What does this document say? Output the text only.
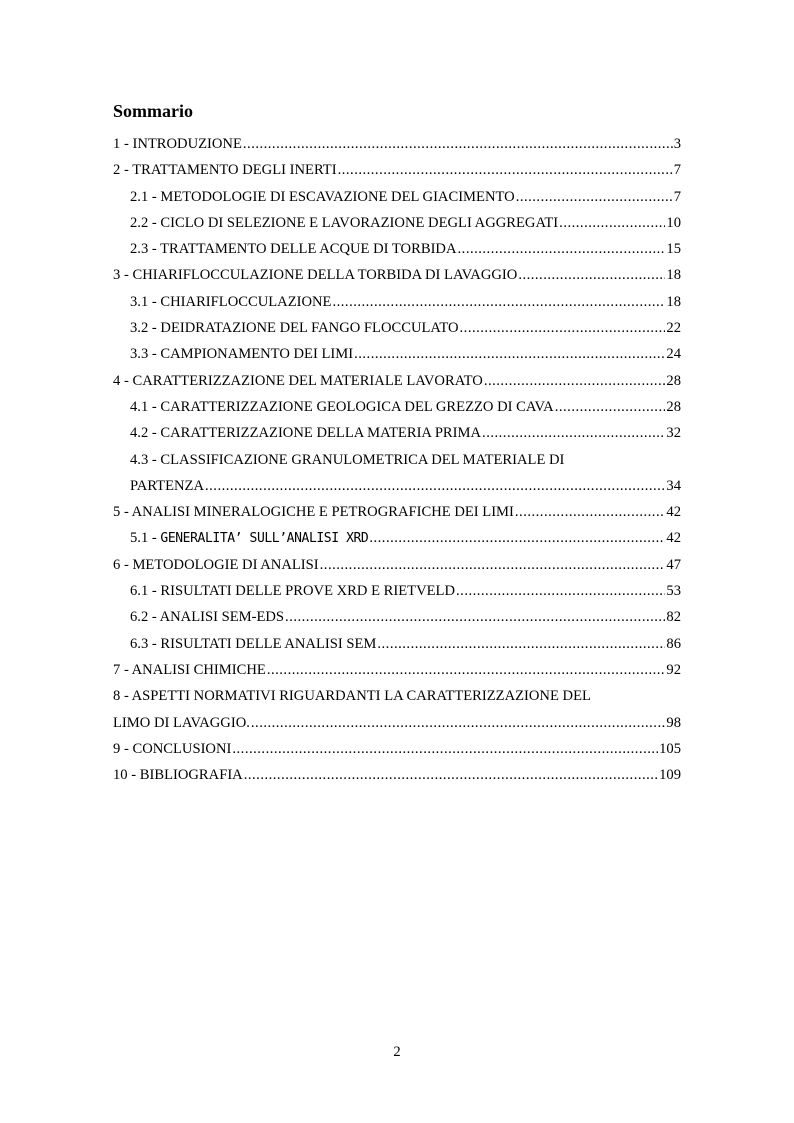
Sommario
1 - INTRODUZIONE .....	3
2 - TRATTAMENTO DEGLI INERTI .....	7
2.1 - METODOLOGIE DI ESCAVAZIONE DEL GIACIMENTO .....	7
2.2 - CICLO DI SELEZIONE E LAVORAZIONE DEGLI AGGREGATI .....	10
2.3 - TRATTAMENTO DELLE ACQUE DI TORBIDA .....	15
3 - CHIARIFLOCCULAZIONE DELLA TORBIDA DI LAVAGGIO .....	18
3.1 - CHIARIFLOCCULAZIONE .....	18
3.2 - DEIDRATAZIONE DEL FANGO FLOCCULATO .....	22
3.3 - CAMPIONAMENTO DEI LIMI .....	24
4 - CARATTERIZZAZIONE DEL MATERIALE LAVORATO .....	28
4.1 - CARATTERIZZAZIONE GEOLOGICA DEL GREZZO DI CAVA .....	28
4.2 - CARATTERIZZAZIONE DELLA MATERIA PRIMA .....	32
4.3 - CLASSIFICAZIONE GRANULOMETRICA DEL MATERIALE DI
PARTENZA .....	34
5 - ANALISI MINERALOGICHE E PETROGRAFICHE DEI LIMI .....	42
5.1 - GENERALITA’ SULL’ANALISI XRD .....	42
6 - METODOLOGIE DI ANALISI .....	47
6.1 - RISULTATI DELLE PROVE XRD E RIETVELD .....	53
6.2 - ANALISI SEM-EDS .....	82
6.3 - RISULTATI DELLE ANALISI SEM .....	86
7 - ANALISI CHIMICHE .....	92
8 - ASPETTI NORMATIVI RIGUARDANTI LA CARATTERIZZAZIONE DEL
LIMO DI LAVAGGIO. .....	98
9 - CONCLUSIONI .....	105
10 - BIBLIOGRAFIA .....	109
2
